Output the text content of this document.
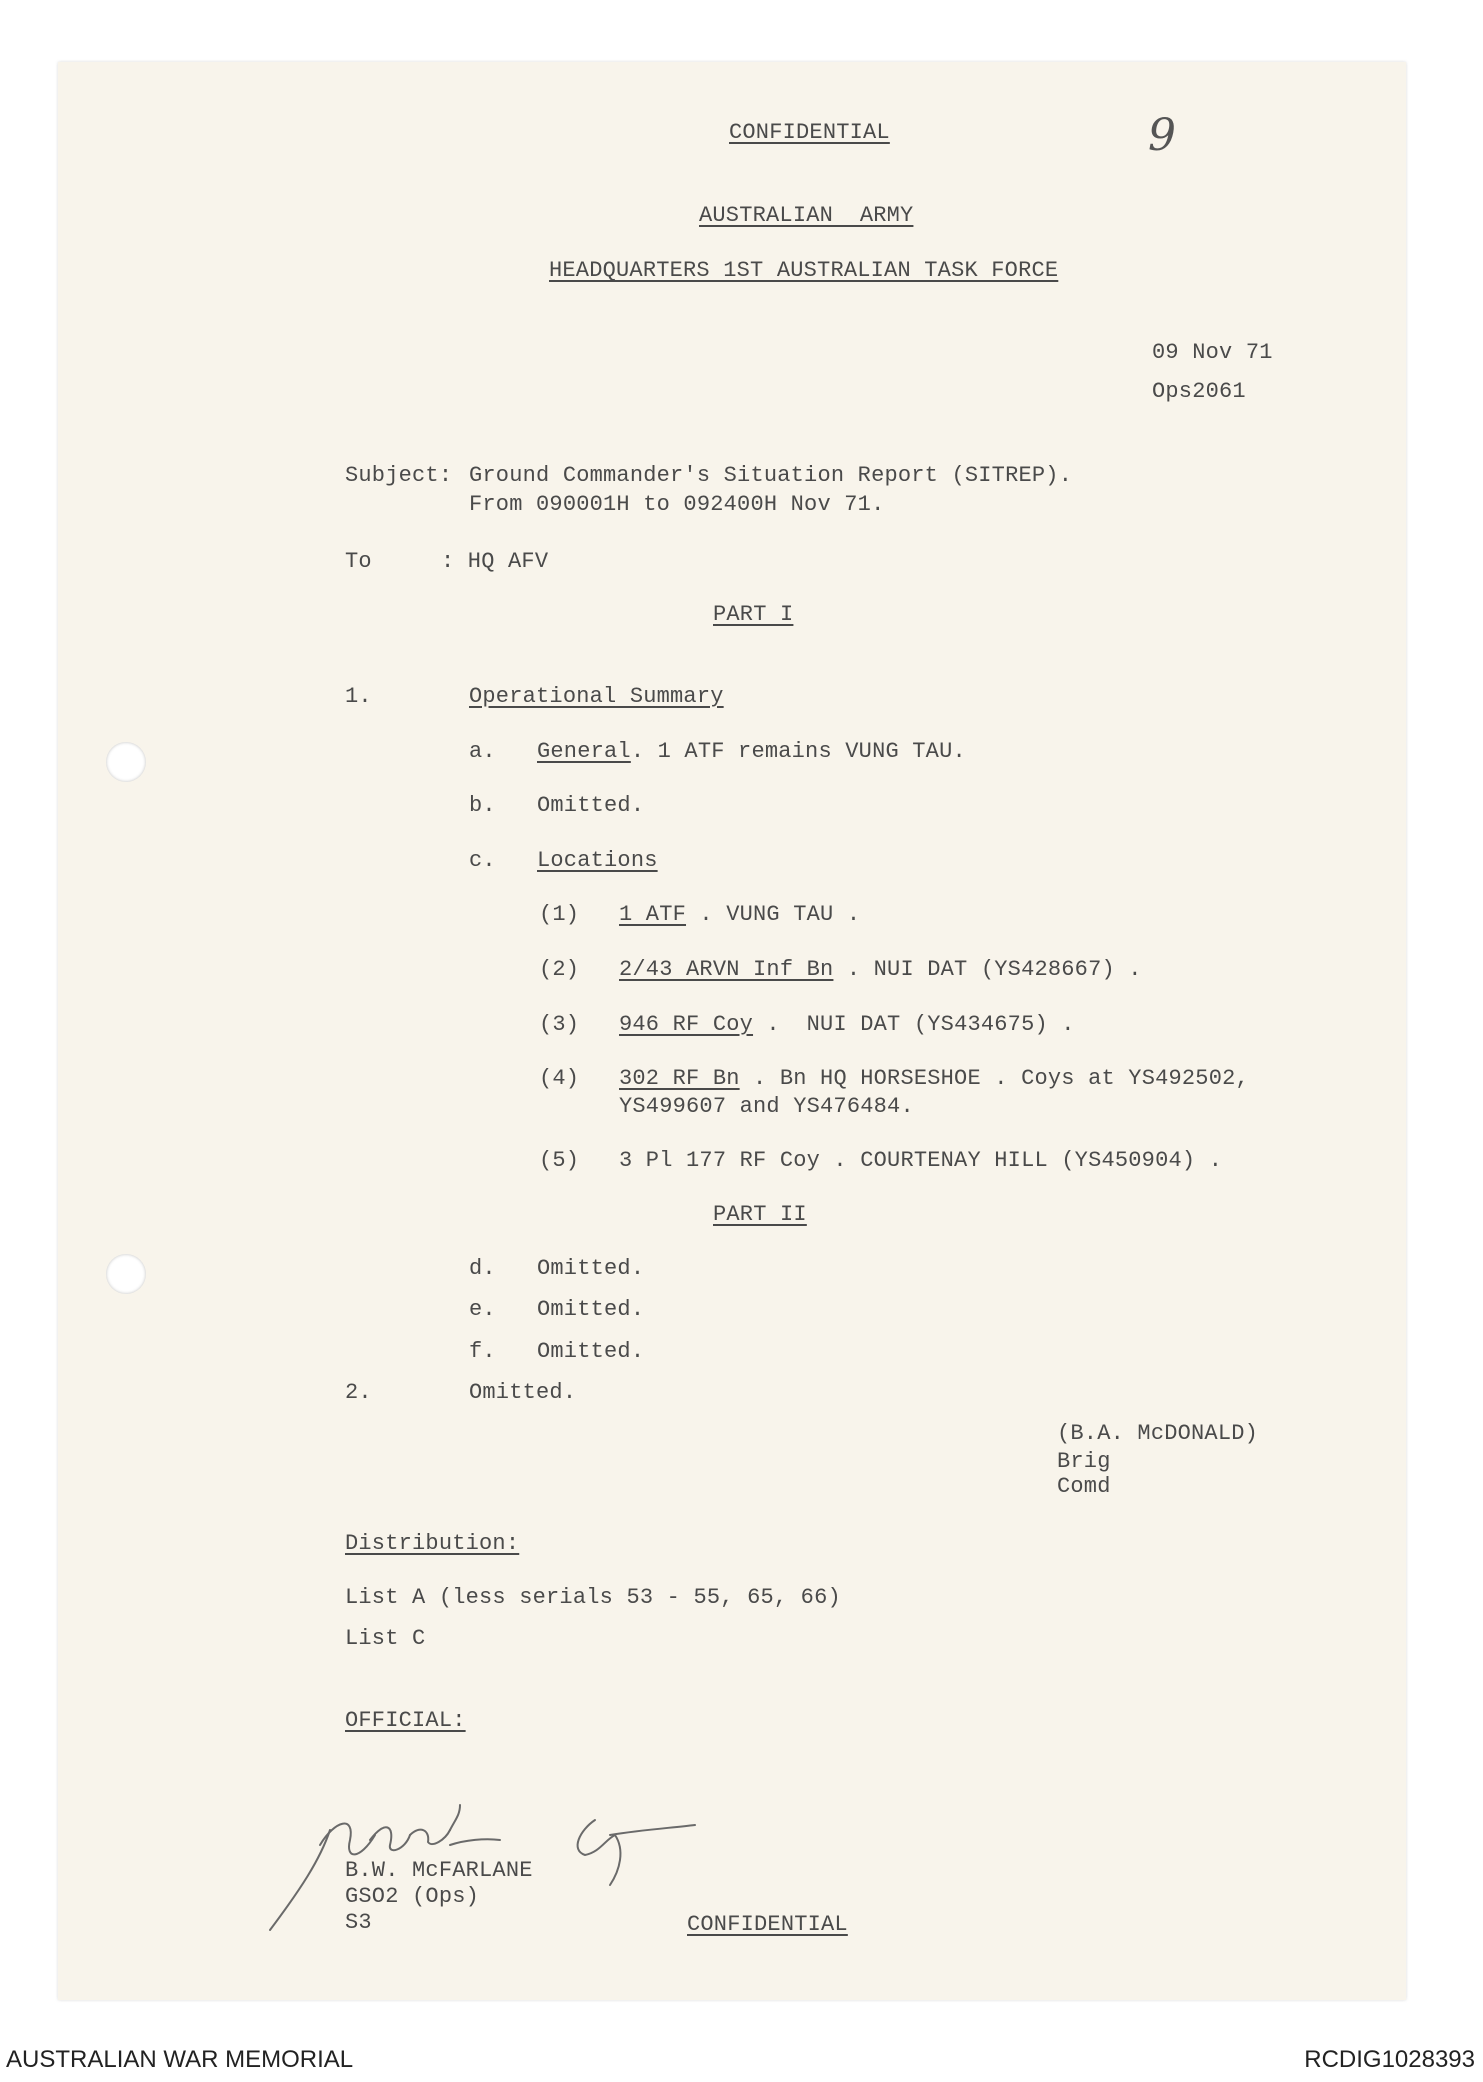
CONFIDENTIAL	9
AUSTRALIAN  ARMY
HEADQUARTERS 1ST AUSTRALIAN TASK FORCE
09 Nov 71
Ops2061
Subject: Ground Commander's Situation Report (SITREP).
From 090001H to 092400H Nov 71.
To	: HQ AFV
PART I
1.	Operational Summary
a. General. 1 ATF remains VUNG TAU.
b. Omitted.
c. Locations
(1) 1 ATF . VUNG TAU .
(2) 2/43 ARVN Inf Bn . NUI DAT (YS428667) .
(3) 946 RF Coy .  NUI DAT (YS434675) .
(4) 302 RF Bn . Bn HQ HORSESHOE . Coys at YS492502,
YS499607 and YS476484.
(5) 3 Pl 177 RF Coy . COURTENAY HILL (YS450904) .
PART II
d. Omitted.
e. Omitted.
f. Omitted.
2.	Omitted.
(B.A. McDONALD)
Brig
Comd
Distribution:
List A (less serials 53 - 55, 65, 66)
List C
OFFICIAL:
B.W. McFARLANE
GSO2 (Ops)
S3	CONFIDENTIAL
AUSTRALIAN WAR MEMORIAL	RCDIG1028393
